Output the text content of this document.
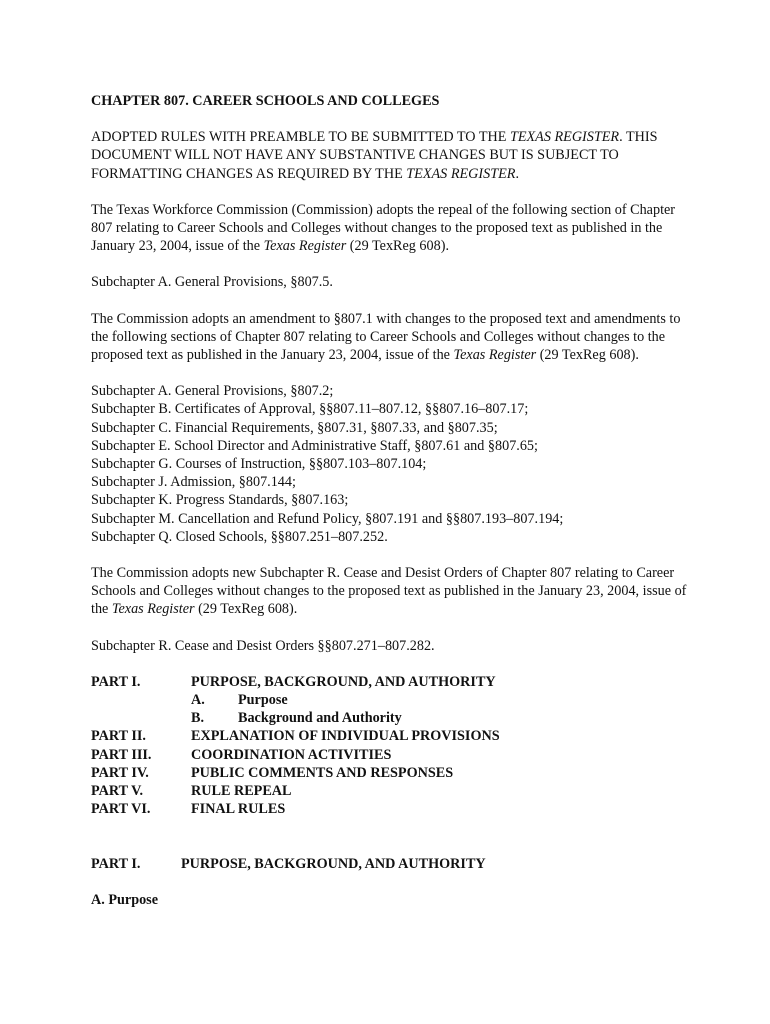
CHAPTER 807. CAREER SCHOOLS AND COLLEGES

ADOPTED RULES WITH PREAMBLE TO BE SUBMITTED TO THE TEXAS REGISTER. THIS DOCUMENT WILL NOT HAVE ANY SUBSTANTIVE CHANGES BUT IS SUBJECT TO FORMATTING CHANGES AS REQUIRED BY THE TEXAS REGISTER.

The Texas Workforce Commission (Commission) adopts the repeal of the following section of Chapter 807 relating to Career Schools and Colleges without changes to the proposed text as published in the January 23, 2004, issue of the Texas Register (29 TexReg 608).

Subchapter A. General Provisions, §807.5.

The Commission adopts an amendment to §807.1 with changes to the proposed text and amendments to the following sections of Chapter 807 relating to Career Schools and Colleges without changes to the proposed text as published in the January 23, 2004, issue of the Texas Register (29 TexReg 608).

Subchapter A. General Provisions, §807.2;

Subchapter B. Certificates of Approval, §§807.11–807.12, §§807.16–807.17;

Subchapter C. Financial Requirements, §807.31, §807.33, and §807.35;

Subchapter E. School Director and Administrative Staff, §807.61 and §807.65;

Subchapter G. Courses of Instruction, §§807.103–807.104;

Subchapter J. Admission, §807.144;

Subchapter K. Progress Standards, §807.163;

Subchapter M. Cancellation and Refund Policy, §807.191 and §§807.193–807.194;

Subchapter Q. Closed Schools, §§807.251–807.252.

The Commission adopts new Subchapter R. Cease and Desist Orders of Chapter 807 relating to Career Schools and Colleges without changes to the proposed text as published in the January 23, 2004, issue of the Texas Register (29 TexReg 608).

Subchapter R. Cease and Desist Orders §§807.271–807.282.

PART I.	PURPOSE, BACKGROUND, AND AUTHORITY
A.	Purpose
B.	Background and Authority
PART II.	EXPLANATION OF INDIVIDUAL PROVISIONS
PART III.	COORDINATION ACTIVITIES
PART IV.	PUBLIC COMMENTS AND RESPONSES
PART V.	RULE REPEAL
PART VI.	FINAL RULES
PART I.	PURPOSE, BACKGROUND, AND AUTHORITY

A. Purpose
